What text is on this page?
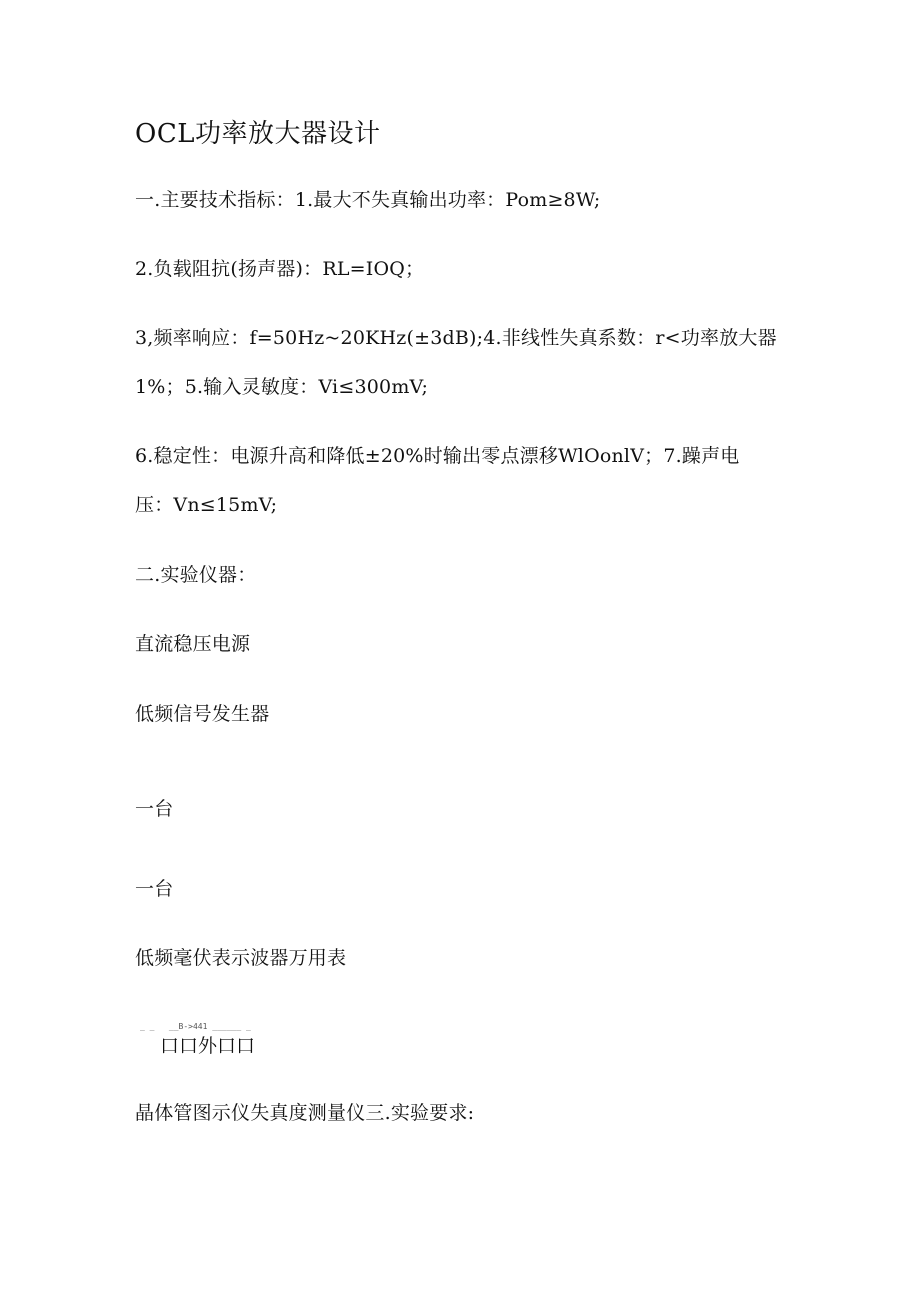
OCL功率放大器设计
一.主要技术指标：1.最大不失真输出功率：Pom≥8W;
2.负载阻抗(扬声器)：RL=IOQ；
3,频率响应：f=50Hz~20KHz(±3dB);4.非线性失真系数：r<功率放大器
1%；5.输入灵敏度：Vi≤300mV;
6.稳定性：电源升高和降低±20%时输出零点漂移WlOonlV；7.躁声电
压：Vn≤15mV;
二.实验仪器：
直流稳压电源
低频信号发生器
一台
一台
低频毫伏表示波器万用表
_ _   __B->441 ______ _
口口外口口
晶体管图示仪失真度测量仪三.实验要求:
